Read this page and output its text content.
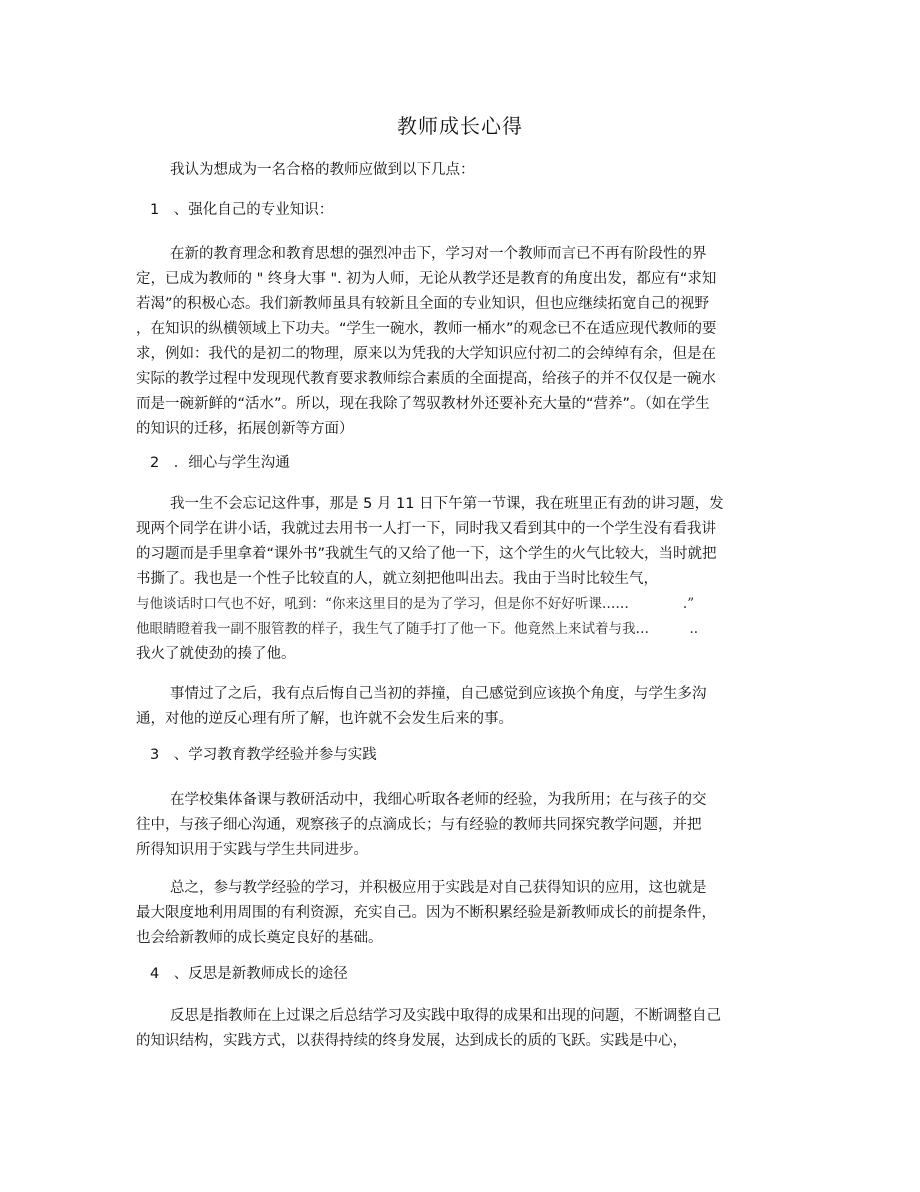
教师成长心得

我认为想成为一名合格的教师应做到以下几点：

1　、强化自己的专业知识：

在新的教育理念和教育思想的强烈冲击下，学习对一个教师而言已不再有阶段性的界
定，已成为教师的 " 终身大事 ". 初为人师，无论从教学还是教育的角度出发，都应有“求知
若渴”的积极心态。我们新教师虽具有较新且全面的专业知识，但也应继续拓宽自己的视野
，在知识的纵横领域上下功夫。“学生一碗水，教师一桶水”的观念已不在适应现代教师的要
求，例如：我代的是初二的物理，原来以为凭我的大学知识应付初二的会绰绰有余，但是在
实际的教学过程中发现现代教育要求教师综合素质的全面提高，给孩子的并不仅仅是一碗水
而是一碗新鲜的“活水”。所以，现在我除了驾驭教材外还要补充大量的“营养”。（如在学生
的知识的迁移，拓展创新等方面）

2　．细心与学生沟通

我一生不会忘记这件事，那是 5 月 11 日下午第一节课，我在班里正有劲的讲习题，发
现两个同学在讲小话，我就过去用书一人打一下，同时我又看到其中的一个学生没有看我讲
的习题而是手里拿着“课外书”我就生气的又给了他一下，这个学生的火气比较大，当时就把
书撕了。我也是一个性子比较直的人，就立刻把他叫出去。我由于当时比较生气，
与他谈话时口气也不好，吼到：“你来这里目的是为了学习，但是你不好好听课……　　　　.”
他眼睛瞪着我一副不服管教的样子，我生气了随手打了他一下。他竟然上来试着与我…　　　..
我火了就使劲的揍了他。

事情过了之后，我有点后悔自己当初的莽撞，自己感觉到应该换个角度，与学生多沟
通，对他的逆反心理有所了解，也许就不会发生后来的事。

3　、学习教育教学经验并参与实践

在学校集体备课与教研活动中，我细心听取各老师的经验，为我所用；在与孩子的交
往中，与孩子细心沟通，观察孩子的点滴成长；与有经验的教师共同探究教学问题，并把
所得知识用于实践与学生共同进步。

总之，参与教学经验的学习，并积极应用于实践是对自己获得知识的应用，这也就是
最大限度地利用周围的有利资源，充实自己。因为不断积累经验是新教师成长的前提条件，
也会给新教师的成长奠定良好的基础。

4　、反思是新教师成长的途径

反思是指教师在上过课之后总结学习及实践中取得的成果和出现的问题，不断调整自己
的知识结构，实践方式，以获得持续的终身发展，达到成长的质的飞跃。实践是中心，
